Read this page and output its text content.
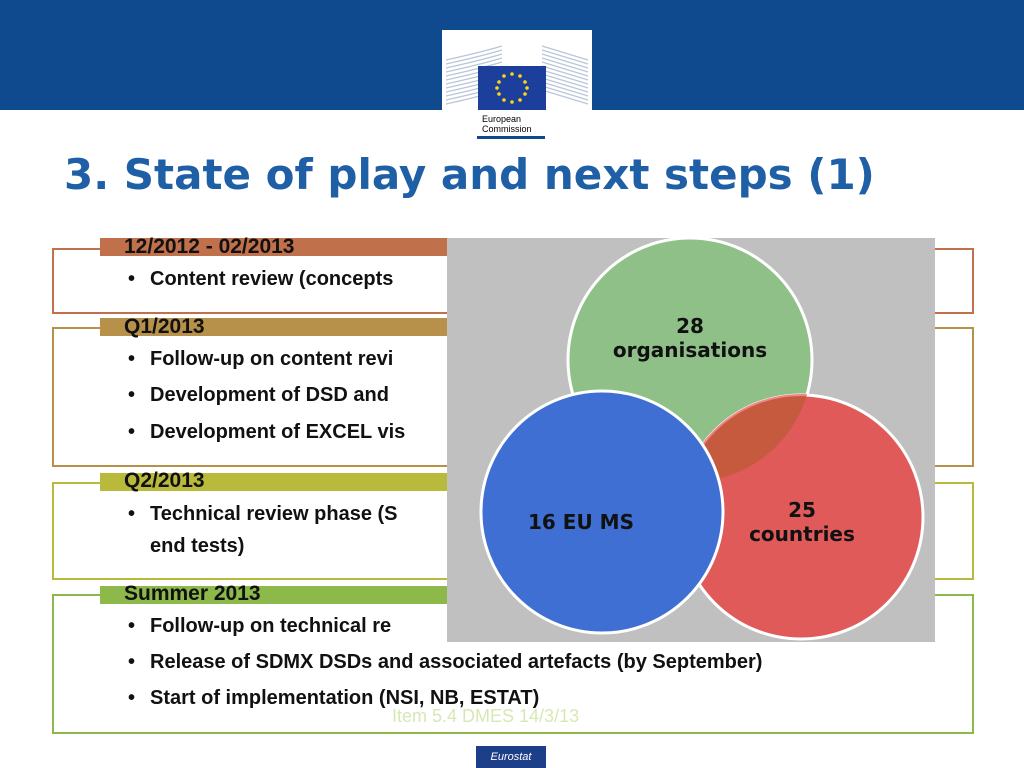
European
Commission
3. State of play and next steps (1)
12/2012 - 02/2013
• Content review (concepts
Q1/2013
• Follow-up on content revi
• Development of DSD and
• Development of EXCEL vis
Q2/2013
• Technical review phase (S
end tests)
Summer 2013
• Follow-up on technical re
• Release of SDMX DSDs and associated artefacts (by September)
• Start of implementation (NSI, NB, ESTAT)
Item 5.4 DMES 14/3/13
Eurostat
28
organisations
25
countries
16 EU MS
